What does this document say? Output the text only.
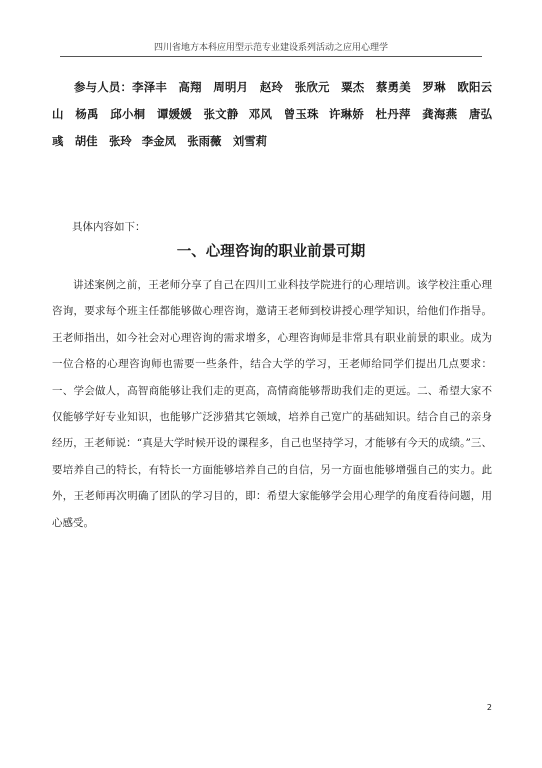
四川省地方本科应用型示范专业建设系列活动之应用心理学
参与人员：李泽丰　高翔　周明月　赵玲　张欣元　粟杰　蔡勇美　罗琳　欧阳云山　杨禹　邱小桐　谭媛媛　张文静 邓风　曾玉珠 许琳娇　杜丹萍　龚海燕　唐弘彧　胡佳　张玲 李金凤　张雨薇　刘雪莉
具体内容如下：
一、心理咨询的职业前景可期
讲述案例之前，王老师分享了自己在四川工业科技学院进行的心理培训。该学校注重心理咨询，要求每个班主任都能够做心理咨询，邀请王老师到校讲授心理学知识，给他们作指导。王老师指出，如今社会对心理咨询的需求增多，心理咨询师是非常具有职业前景的职业。成为一位合格的心理咨询师也需要一些条件，结合大学的学习，王老师给同学们提出几点要求：一、学会做人，高智商能够让我们走的更高，高情商能够帮助我们走的更远。二、希望大家不仅能够学好专业知识，也能够广泛涉猎其它领域，培养自己宽广的基础知识。结合自己的亲身经历，王老师说：“真是大学时候开设的课程多，自己也坚持学习，才能够有今天的成绩。”三、要培养自己的特长，有特长一方面能够培养自己的自信，另一方面也能够增强自己的实力。此外，王老师再次明确了团队的学习目的，即：希望大家能够学会用心理学的角度看待问题，用心感受。
2
